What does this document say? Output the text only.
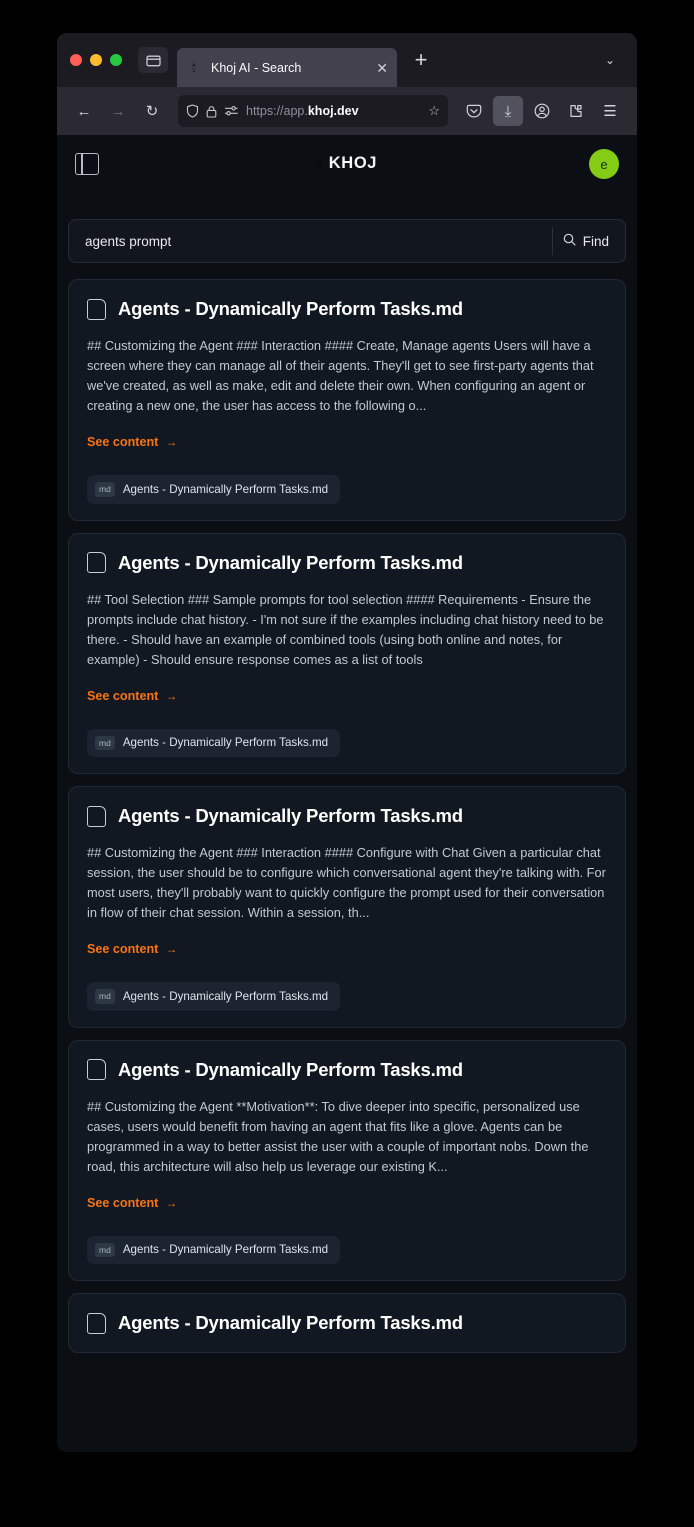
🕯	Khoj AI - Search	✕ +	⌄
←	→	↻	https://app.khoj.dev	☆	⤓	☰
🕯 KHOJ	e
agents prompt
Find
Agents - Dynamically Perform Tasks.md
## Customizing the Agent ### Interaction #### Create, Manage agents Users will have a screen where they can manage all of their agents. They'll get to see first-party agents that we've created, as well as make, edit and delete their own. When configuring an agent or creating a new one, the user has access to the following o...
See content →
md	Agents - Dynamically Perform Tasks.md
Agents - Dynamically Perform Tasks.md
## Tool Selection ### Sample prompts for tool selection #### Requirements - Ensure the prompts include chat history. - I'm not sure if the examples including chat history need to be there. - Should have an example of combined tools (using both online and notes, for example) - Should ensure response comes as a list of tools
See content →
md	Agents - Dynamically Perform Tasks.md
Agents - Dynamically Perform Tasks.md
## Customizing the Agent ### Interaction #### Configure with Chat Given a particular chat session, the user should be to configure which conversational agent they're talking with. For most users, they'll probably want to quickly configure the prompt used for their conversation in flow of their chat session. Within a session, th...
See content →
md	Agents - Dynamically Perform Tasks.md
Agents - Dynamically Perform Tasks.md
## Customizing the Agent **Motivation**: To dive deeper into specific, personalized use cases, users would benefit from having an agent that fits like a glove. Agents can be programmed in a way to better assist the user with a couple of important nobs. Down the road, this architecture will also help us leverage our existing K...
See content →
md	Agents - Dynamically Perform Tasks.md
Agents - Dynamically Perform Tasks.md
